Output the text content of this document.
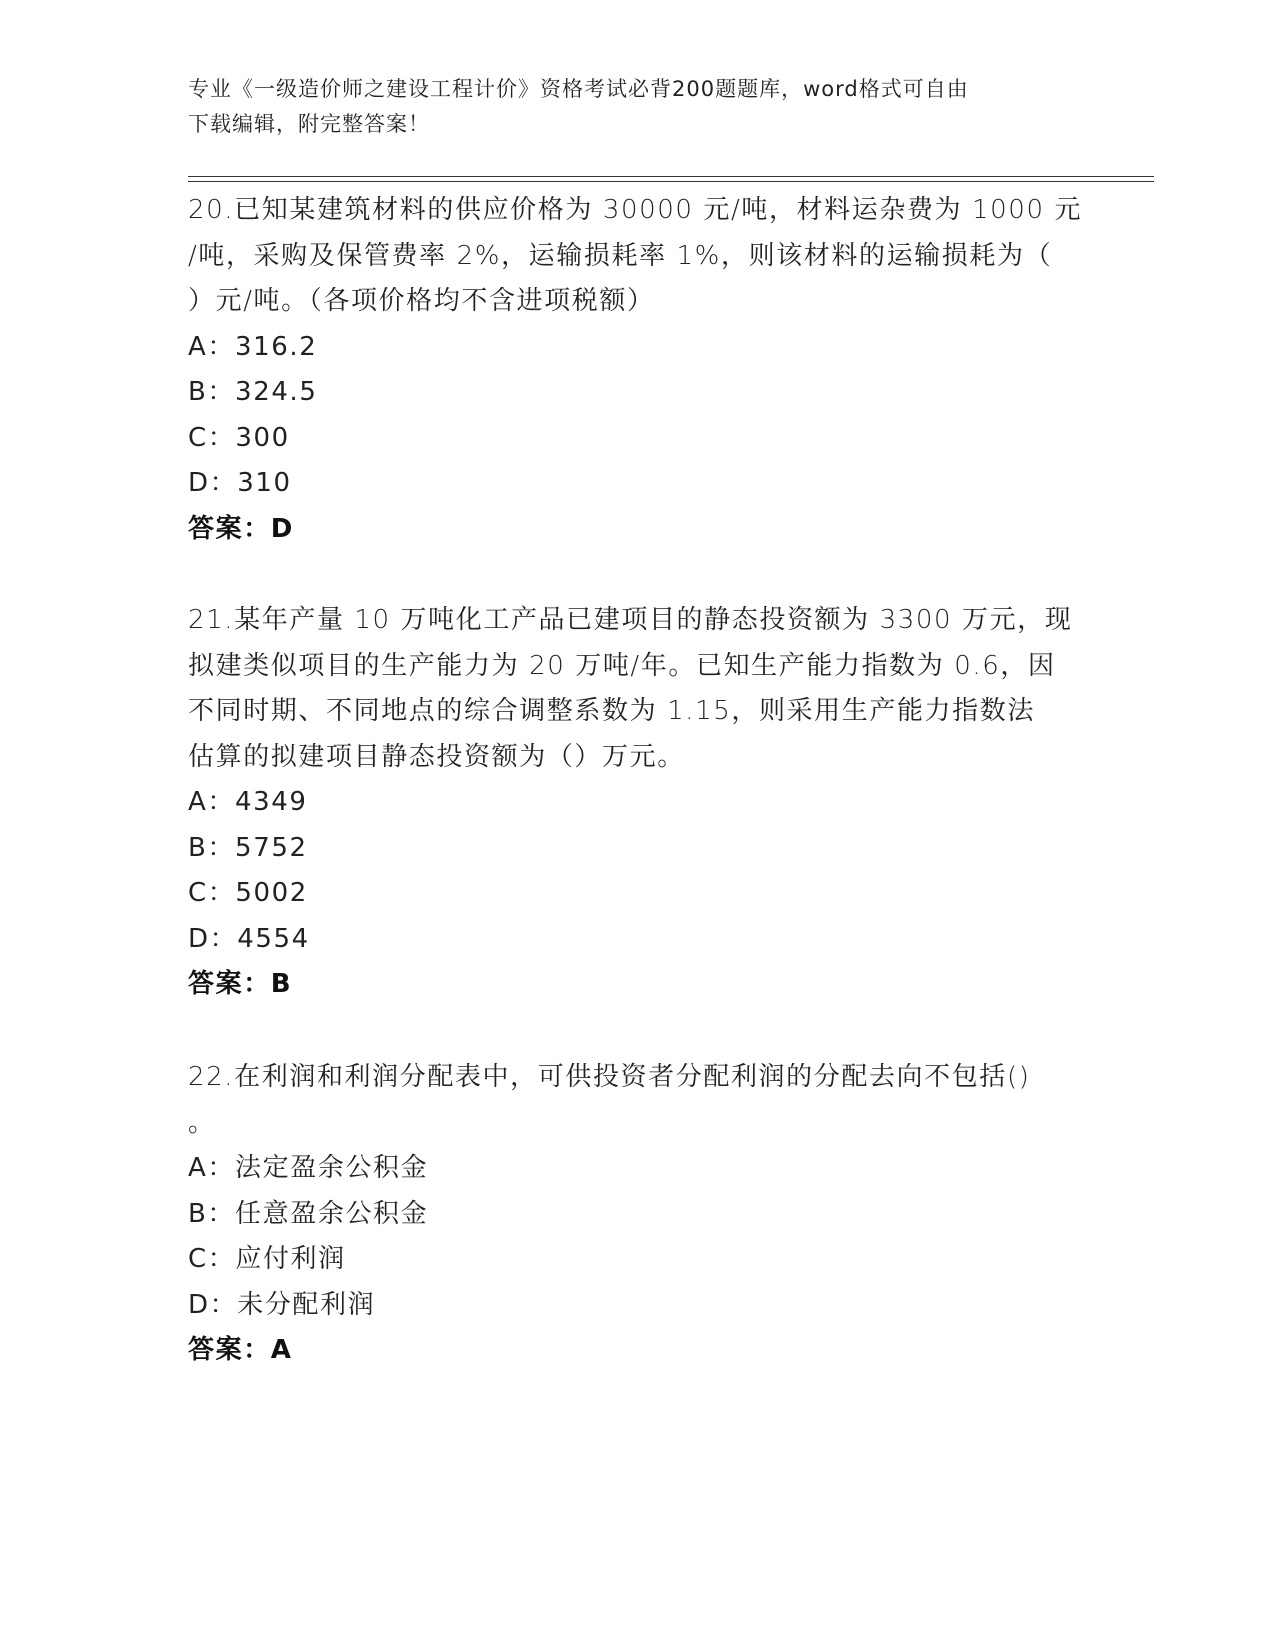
专业《一级造价师之建设工程计价》资格考试必背200题题库，word格式可自由
下载编辑，附完整答案！

20.已知某建筑材料的供应价格为 30000 元/吨，材料运杂费为 1000 元

/吨，采购及保管费率 2%，运输损耗率 1%，则该材料的运输损耗为（

）元/吨。（各项价格均不含进项税额）

A：316.2

B：324.5

C：300

D：310

答案：D

21.某年产量 10 万吨化工产品已建项目的静态投资额为 3300 万元，现

拟建类似项目的生产能力为 20 万吨/年。已知生产能力指数为 0.6，因

不同时期、不同地点的综合调整系数为 1.15，则采用生产能力指数法

估算的拟建项目静态投资额为（）万元。

A：4349

B：5752

C：5002

D：4554

答案：B

22.在利润和利润分配表中，可供投资者分配利润的分配去向不包括()

。

A：法定盈余公积金

B：任意盈余公积金

C：应付利润

D：未分配利润

答案：A
